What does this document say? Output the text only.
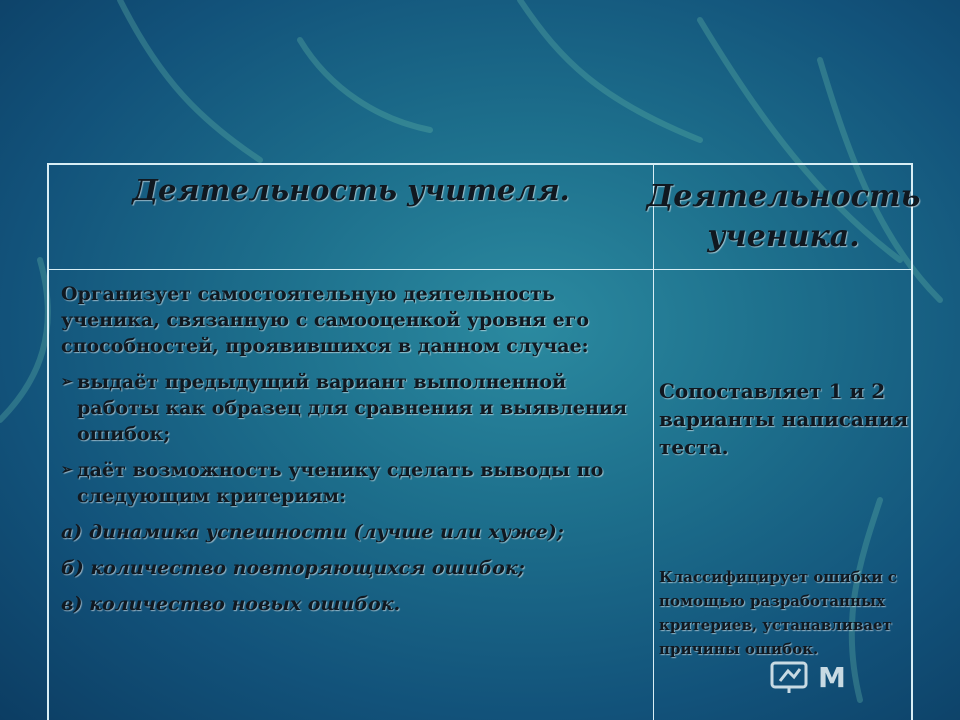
Деятельность учителя.	Деятельность ученика.

Организует самостоятельную деятельность ученика, связанную с самооценкой уровня его способностей, проявившихся в данном случае:

➢ выдаёт предыдущий вариант выполненной работы как образец для сравнения и выявления ошибок;
➢ даёт возможность ученику сделать выводы по следующим критериям:

а) динамика успешности (лучше или хуже);

б) количество повторяющихся ошибок;

в) количество новых ошибок.

Сопоставляет 1 и 2 варианты написания теста.
Классифицирует ошибки с помощью разработанных критериев, устанавливает причины ошибок.
M
